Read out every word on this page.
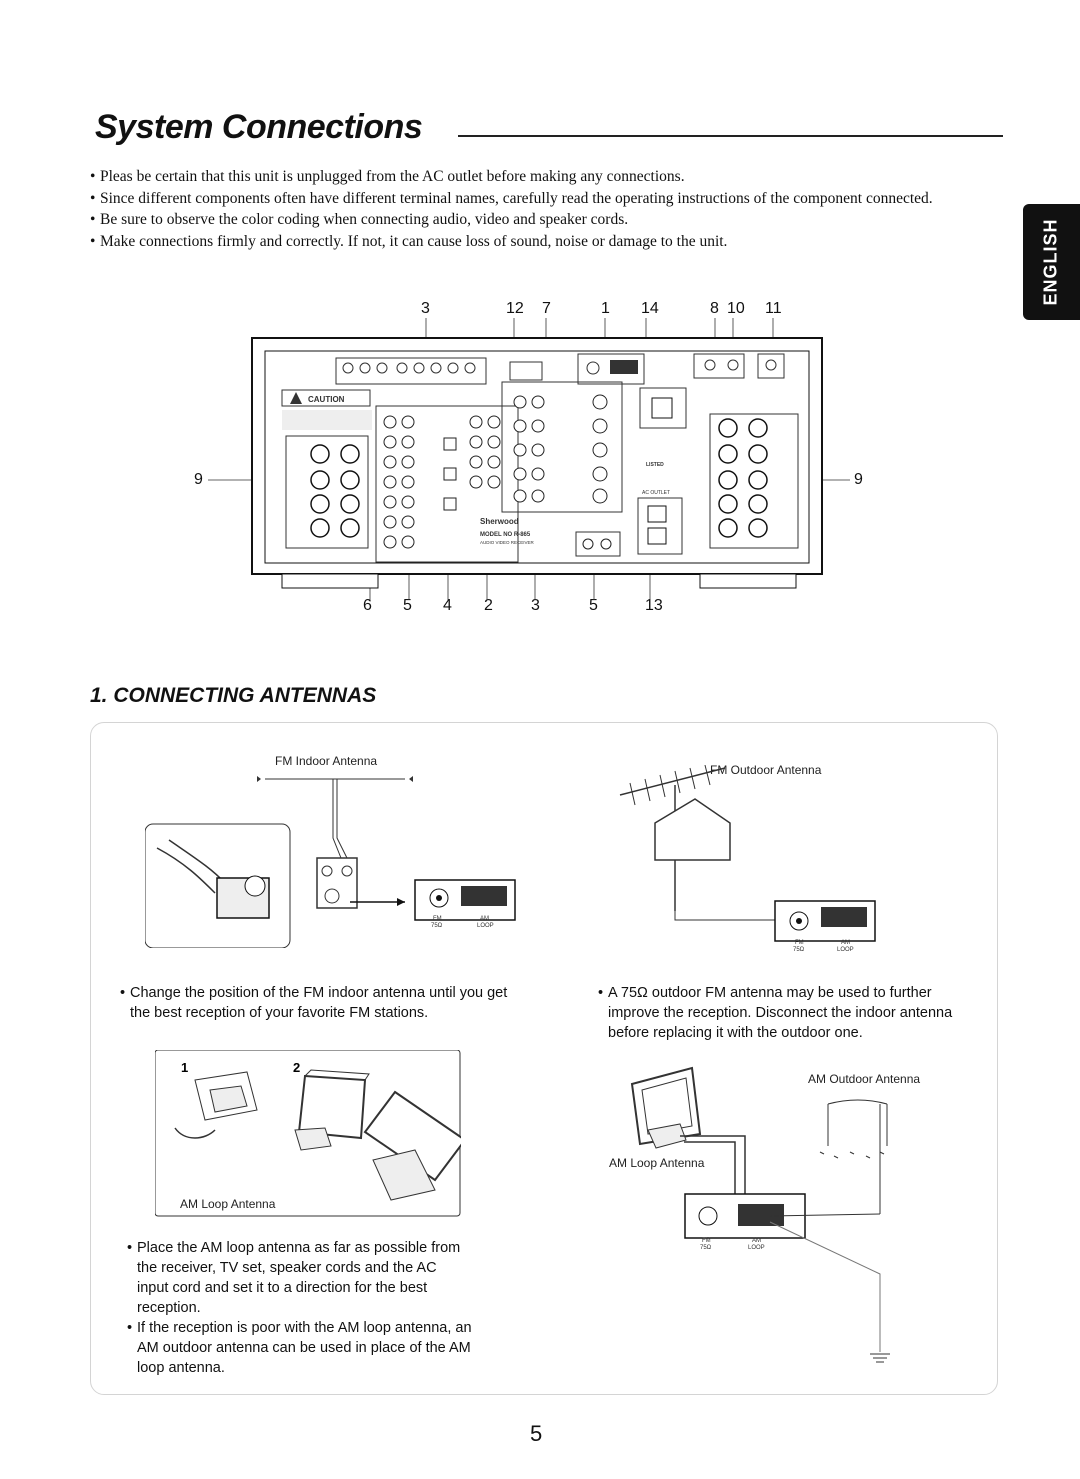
System Connections
• Pleas be certain that this unit is unplugged from the AC outlet before making any connections.
• Since different components often have different terminal names, carefully read the operating instructions of the component connected.
• Be sure to observe the color coding when connecting audio, video and speaker cords.
• Make connections firmly and correctly. If not, it can cause loss of sound, noise or damage to the unit.	ENGLISH
3	12 7	1 14	8 10 11
9	9
6 5 4 2 3	5	13
CAUTION
Sherwood
MODEL NO R-865
AUDIO VIDEO RECEIVER
LISTED
AC OUTLET
1. CONNECTING ANTENNAS
FM Indoor Antenna
FM Outdoor Antenna
FM
75Ω
AM
LOOP
FM
75Ω
AM
LOOP
• Change the position of the FM indoor antenna until you get the best reception of your favorite FM stations.
• A 75Ω outdoor FM antenna may be used to further improve the reception. Disconnect the indoor antenna before replacing it with the outdoor one.
1	2
AM Loop Antenna
AM Outdoor Antenna
AM Loop Antenna
FM
75Ω
AM
LOOP
• Place the AM loop antenna as far as possible from the receiver, TV set, speaker cords and the AC input cord and set it to a direction for the best reception.
• If the reception is poor with the AM loop antenna, an AM outdoor antenna can be used in place of the AM loop antenna.
5
